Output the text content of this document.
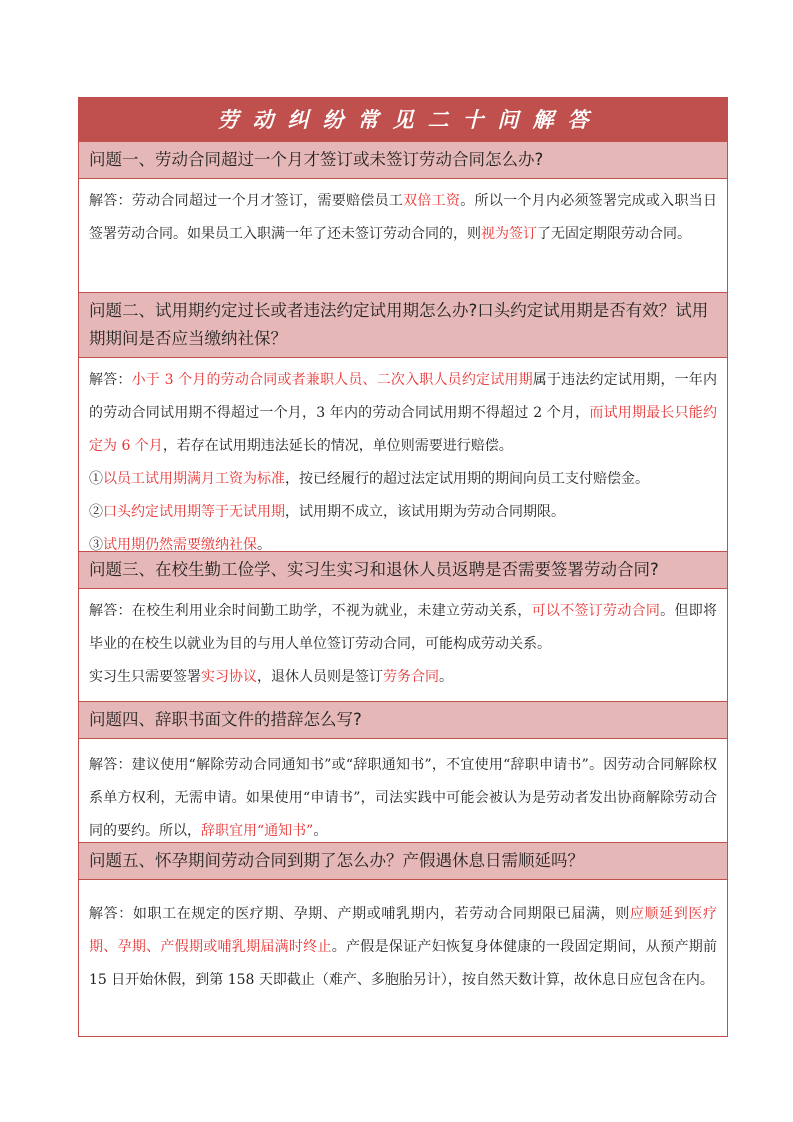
劳动纠纷常见二十问解答
问题一、劳动合同超过一个月才签订或未签订劳动合同怎么办?

解答：劳动合同超过一个月才签订，需要赔偿员工双倍工资。所以一个月内必须签署完成或入职当日签署劳动合同。如果员工入职满一年了还未签订劳动合同的，则视为签订了无固定期限劳动合同。

问题二、试用期约定过长或者违法约定试用期怎么办?口头约定试用期是否有效？试用期期间是否应当缴纳社保？

解答：小于 3 个月的劳动合同或者兼职人员、二次入职人员约定试用期属于违法约定试用期，一年内的劳动合同试用期不得超过一个月，3 年内的劳动合同试用期不得超过 2 个月，而试用期最长只能约定为 6 个月，若存在试用期违法延长的情况，单位则需要进行赔偿。

①以员工试用期满月工资为标准，按已经履行的超过法定试用期的期间向员工支付赔偿金。

②口头约定试用期等于无试用期，试用期不成立，该试用期为劳动合同期限。

③试用期仍然需要缴纳社保。

问题三、在校生勤工俭学、实习生实习和退休人员返聘是否需要签署劳动合同?

解答：在校生利用业余时间勤工助学，不视为就业，未建立劳动关系，可以不签订劳动合同。但即将毕业的在校生以就业为目的与用人单位签订劳动合同，可能构成劳动关系。

实习生只需要签署实习协议，退休人员则是签订劳务合同。

问题四、辞职书面文件的措辞怎么写?

解答：建议使用“解除劳动合同通知书”或“辞职通知书”，不宜使用“辞职申请书”。因劳动合同解除权系单方权利，无需申请。如果使用“申请书”，司法实践中可能会被认为是劳动者发出协商解除劳动合同的要约。所以，辞职宜用“通知书”。

问题五、怀孕期间劳动合同到期了怎么办？产假遇休息日需顺延吗？

解答：如职工在规定的医疗期、孕期、产期或哺乳期内，若劳动合同期限已届满，则应顺延到医疗期、孕期、产假期或哺乳期届满时终止。产假是保证产妇恢复身体健康的一段固定期间，从预产期前 15 日开始休假，到第 158 天即截止（难产、多胞胎另计），按自然天数计算，故休息日应包含在内。
